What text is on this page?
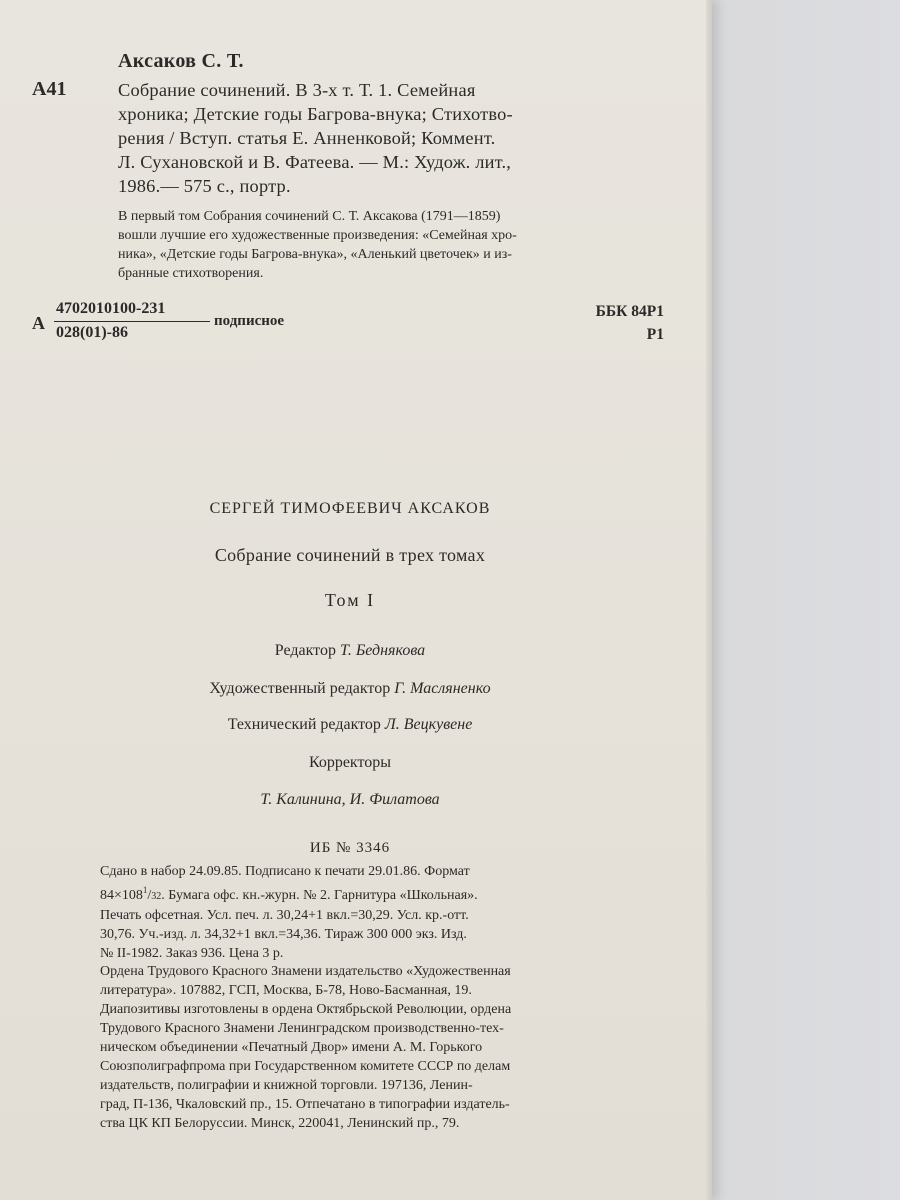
Аксаков С. Т.
А41	Собрание сочинений. В 3-х т. Т. 1. Семейная
хроника; Детские годы Багрова-внука; Стихотво-
рения / Вступ. статья Е. Анненковой; Коммент.
Л. Сухановской и В. Фатеева. — М.: Худож. лит.,
1986.— 575 с., портр.
В первый том Собрания сочинений С. Т. Аксакова (1791—1859)
вошли лучшие его художественные произведения: «Семейная хро-
ника», «Детские годы Багрова-внука», «Аленький цветочек» и из-
бранные стихотворения.
А
4702010100-231
028(01)-86
подписное
ББК 84Р1
Р1
СЕРГЕЙ ТИМОФЕЕВИЧ АКСАКОВ
Собрание сочинений в трех томах
Том I
Редактор Т. Беднякова
Художественный редактор Г. Масляненко
Технический редактор Л. Вецкувене
Корректоры
Т. Калинина, И. Филатова
ИБ № 3346
Сдано в набор 24.09.85. Подписано к печати 29.01.86. Формат
$84\times 108^1/32$. Бумага офс. кн.-журн. № 2. Гарнитура «Школьная».
Печать офсетная. Усл. печ. л. 30,24+1 вкл.=30,29. Усл. кр.-отт.
30,76. Уч.-изд. л. 34,32+1 вкл.=34,36. Тираж 300 000 экз. Изд.
№ II-1982. Заказ 936. Цена 3 р.
Ордена Трудового Красного Знамени издательство «Художественная
литература». 107882, ГСП, Москва, Б-78, Ново-Басманная, 19.
Диапозитивы изготовлены в ордена Октябрьской Революции, ордена
Трудового Красного Знамени Ленинградском производственно-тех-
ническом объединении «Печатный Двор» имени А. М. Горького
Союзполиграфпрома при Государственном комитете СССР по делам
издательств, полиграфии и книжной торговли. 197136, Ленин-
град, П-136, Чкаловский пр., 15. Отпечатано в типографии издатель-
ства ЦК КП Белоруссии. Минск, 220041, Ленинский пр., 79.
